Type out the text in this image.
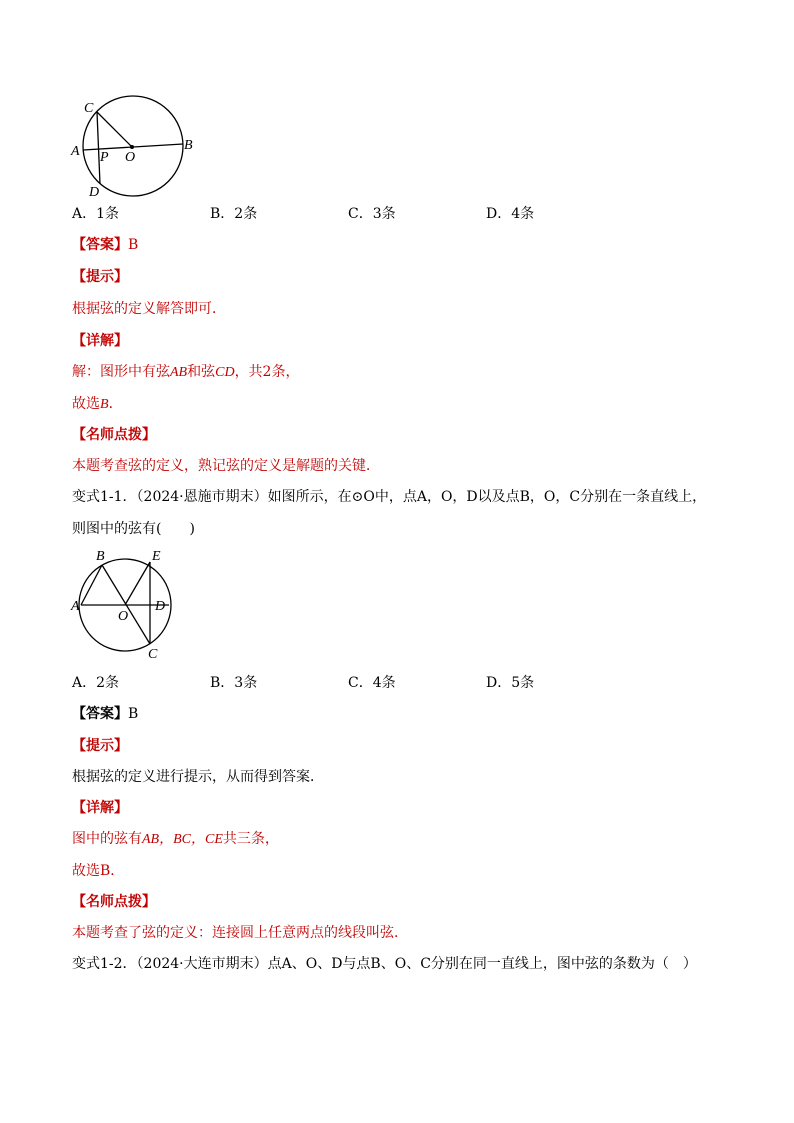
C
A P O
B
D
A．1条	B．2条	C．3条	D．4条
【答案】B
【提示】
根据弦的定义解答即可．
【详解】
解：图形中有弦AB和弦CD，共2条，
故选B．
【名师点拨】
本题考查弦的定义，熟记弦的定义是解题的关键．
变式1-1．（2024·恩施市期末）如图所示，在⊙O中，点A，O，D以及点B，O，C分别在一条直线上，
则图中的弦有(　　)
B	E
A
O
D
C
A．2条	B．3条	C．4条	D．5条
【答案】B
【提示】
根据弦的定义进行提示，从而得到答案．
【详解】
图中的弦有AB，BC，CE共三条，
故选B．
【名师点拨】
本题考查了弦的定义：连接圆上任意两点的线段叫弦．
变式1-2．（2024·大连市期末）点A、O、D与点B、O、C分别在同一直线上，图中弦的条数为（　）
